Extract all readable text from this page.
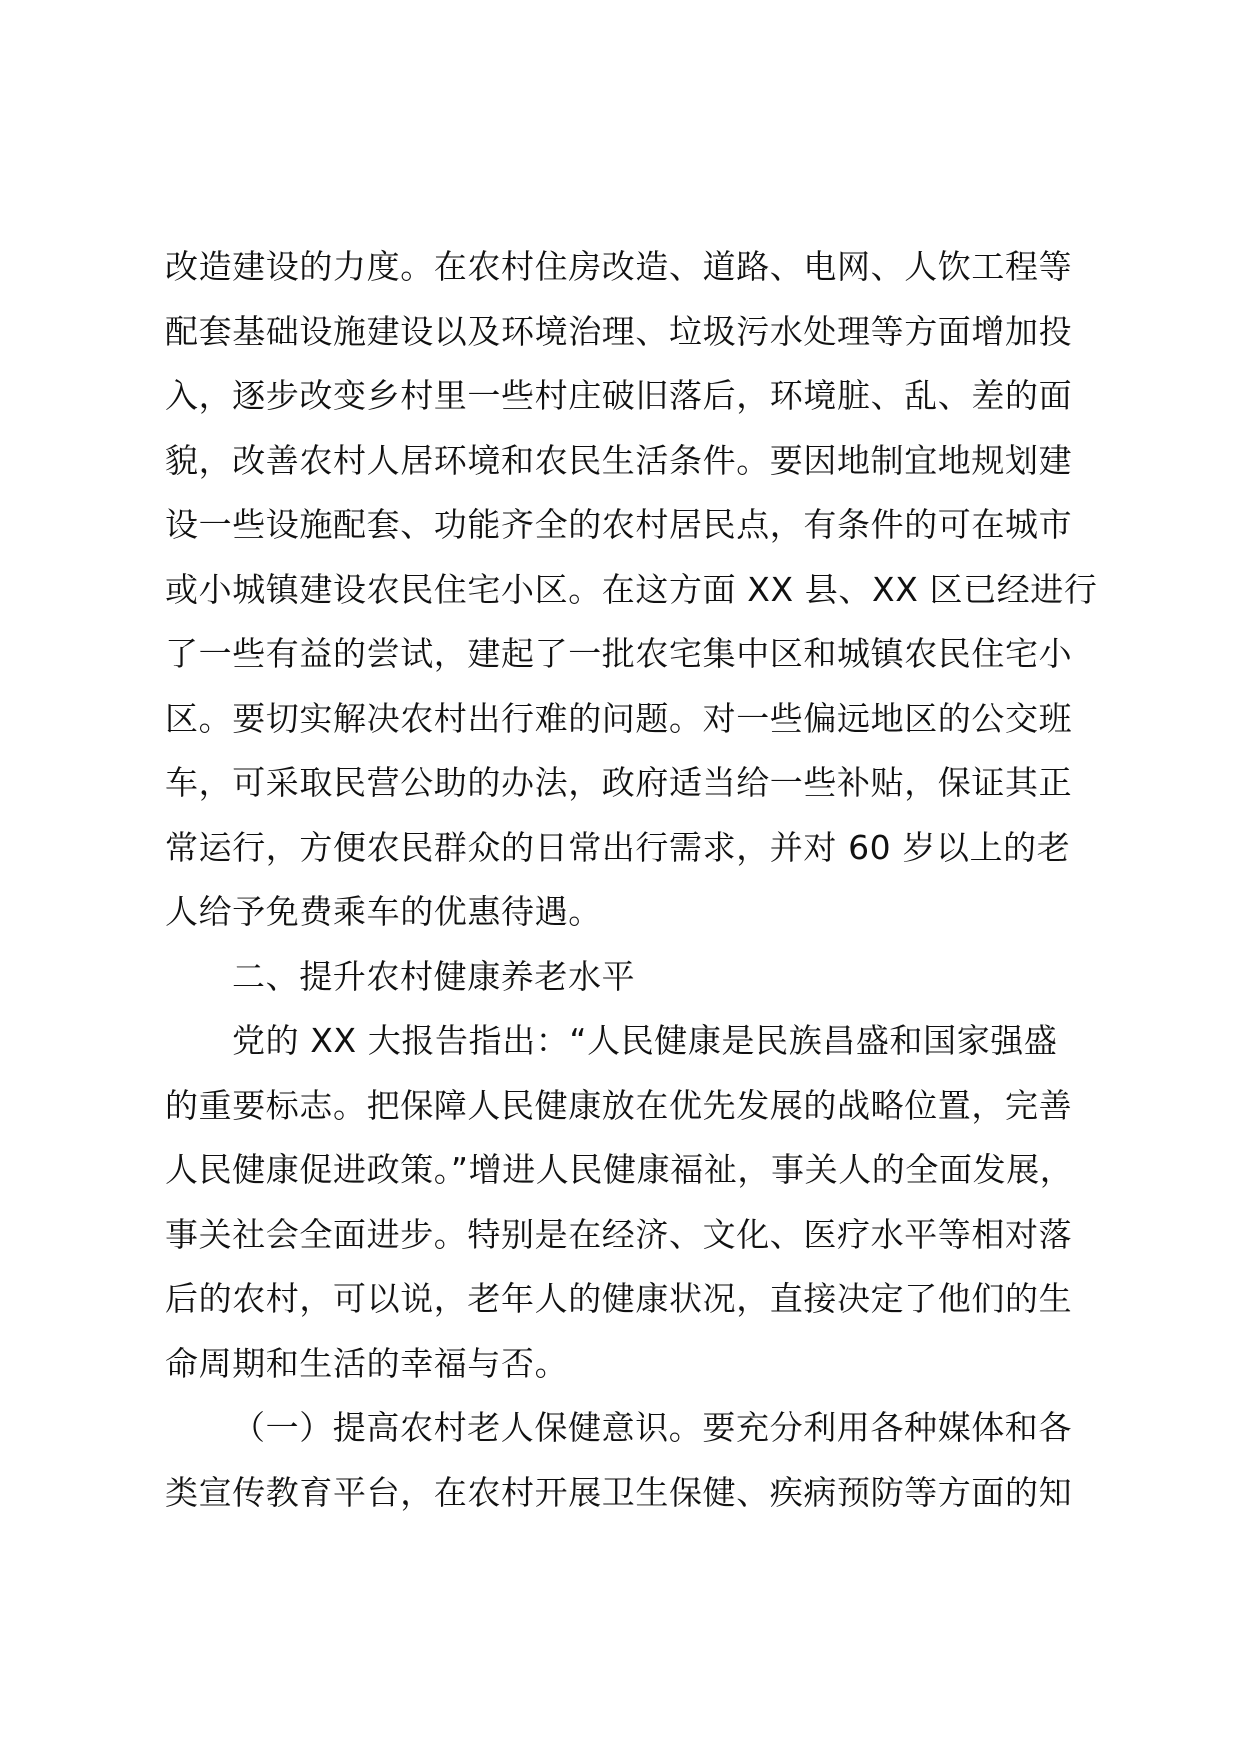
改造建设的力度。在农村住房改造、道路、电网、人饮工程等
配套基础设施建设以及环境治理、垃圾污水处理等方面增加投
入，逐步改变乡村里一些村庄破旧落后，环境脏、乱、差的面
貌，改善农村人居环境和农民生活条件。要因地制宜地规划建
设一些设施配套、功能齐全的农村居民点，有条件的可在城市
或小城镇建设农民住宅小区。在这方面 XX 县、XX 区已经进行
了一些有益的尝试，建起了一批农宅集中区和城镇农民住宅小
区。要切实解决农村出行难的问题。对一些偏远地区的公交班
车，可采取民营公助的办法，政府适当给一些补贴，保证其正
常运行，方便农民群众的日常出行需求，并对 60 岁以上的老
人给予免费乘车的优惠待遇。
二、提升农村健康养老水平
党的 XX 大报告指出：“人民健康是民族昌盛和国家强盛
的重要标志。把保障人民健康放在优先发展的战略位置，完善
人民健康促进政策。”增进人民健康福祉，事关人的全面发展，
事关社会全面进步。特别是在经济、文化、医疗水平等相对落
后的农村，可以说，老年人的健康状况，直接决定了他们的生
命周期和生活的幸福与否。
（一）提高农村老人保健意识。要充分利用各种媒体和各
类宣传教育平台，在农村开展卫生保健、疾病预防等方面的知
